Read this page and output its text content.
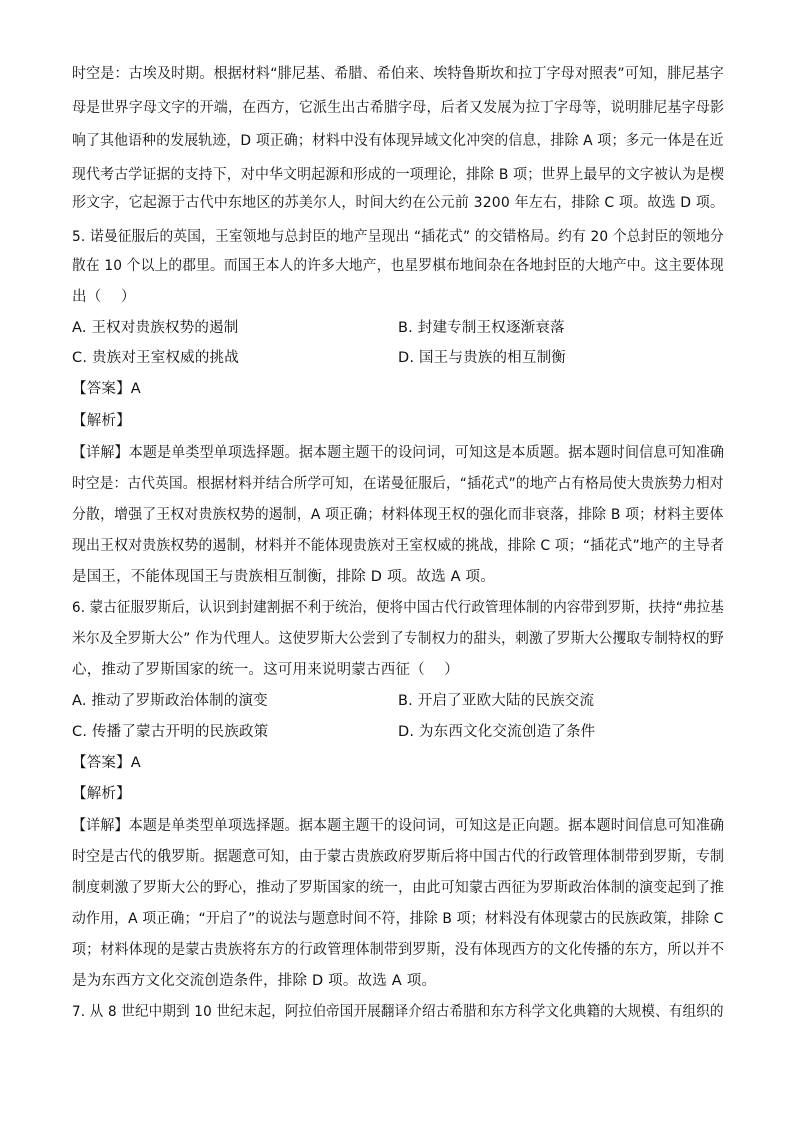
时空是：古埃及时期。根据材料“腓尼基、希腊、希伯来、埃特鲁斯坎和拉丁字母对照表”可知，腓尼基字
母是世界字母文字的开端，在西方，它派生出古希腊字母，后者又发展为拉丁字母等，说明腓尼基字母影
响了其他语种的发展轨迹，D 项正确；材料中没有体现异域文化冲突的信息，排除 A 项；多元一体是在近
现代考古学证据的支持下，对中华文明起源和形成的一项理论，排除 B 项；世界上最早的文字被认为是楔
形文字，它起源于古代中东地区的苏美尔人，时间大约在公元前 3200 年左右，排除 C 项。故选 D 项。
5. 诺曼征服后的英国，王室领地与总封臣的地产呈现出 “插花式” 的交错格局。约有 20 个总封臣的领地分
散在 10 个以上的郡里。而国王本人的许多大地产，也星罗棋布地间杂在各地封臣的大地产中。这主要体现
出（　 ）
A. 王权对贵族权势的遏制	B. 封建专制王权逐渐衰落
C. 贵族对王室权威的挑战	D. 国王与贵族的相互制衡
【答案】A
【解析】
【详解】本题是单类型单项选择题。据本题主题干的设问词，可知这是本质题。据本题时间信息可知准确
时空是：古代英国。根据材料并结合所学可知，在诺曼征服后，“插花式”的地产占有格局使大贵族势力相对
分散，增强了王权对贵族权势的遏制，A 项正确；材料体现王权的强化而非衰落，排除 B 项；材料主要体
现出王权对贵族权势的遏制，材料并不能体现贵族对王室权威的挑战，排除 C 项；“插花式”地产的主导者
是国王，不能体现国王与贵族相互制衡，排除 D 项。故选 A 项。
6. 蒙古征服罗斯后，认识到封建割据不利于统治，便将中国古代行政管理体制的内容带到罗斯，扶持“弗拉基
米尔及全罗斯大公” 作为代理人。这使罗斯大公尝到了专制权力的甜头，刺激了罗斯大公攫取专制特权的野
心，推动了罗斯国家的统一。这可用来说明蒙古西征（　 ）
A. 推动了罗斯政治体制的演变	B. 开启了亚欧大陆的民族交流
C. 传播了蒙古开明的民族政策	D. 为东西文化交流创造了条件
【答案】A
【解析】
【详解】本题是单类型单项选择题。据本题主题干的设问词，可知这是正向题。据本题时间信息可知准确
时空是古代的俄罗斯。据题意可知，由于蒙古贵族政府罗斯后将中国古代的行政管理体制带到罗斯，专制
制度刺激了罗斯大公的野心，推动了罗斯国家的统一，由此可知蒙古西征为罗斯政治体制的演变起到了推
动作用，A 项正确；“开启了”的说法与题意时间不符，排除 B 项；材料没有体现蒙古的民族政策，排除 C
项；材料体现的是蒙古贵族将东方的行政管理体制带到罗斯，没有体现西方的文化传播的东方，所以并不
是为东西方文化交流创造条件，排除 D 项。故选 A 项。
7. 从 8 世纪中期到 10 世纪末起，阿拉伯帝国开展翻译介绍古希腊和东方科学文化典籍的大规模、有组织的
